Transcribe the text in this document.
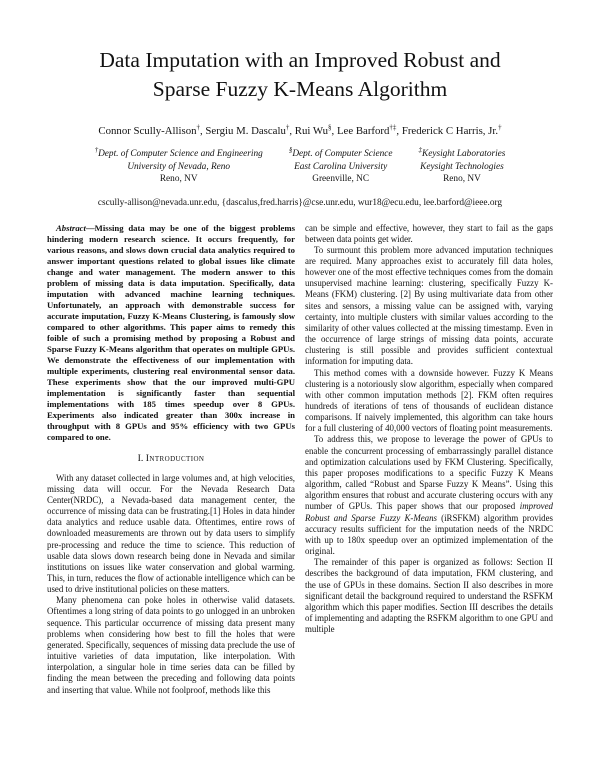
Data Imputation with an Improved Robust and
Sparse Fuzzy K-Means Algorithm
Connor Scully-Allison†, Sergiu M. Dascalu†, Rui Wu§, Lee Barford†‡, Frederick C Harris, Jr.†
†Dept. of Computer Science and Engineering
University of Nevada, Reno
Reno, NV
§Dept. of Computer Science
East Carolina University
Greenville, NC
‡Keysight Laboratories
Keysight Technologies
Reno, NV
cscully-allison@nevada.unr.edu, {dascalus,fred.harris}@cse.unr.edu, wur18@ecu.edu, lee.barford@ieee.org

Abstract—Missing data may be one of the biggest problems hindering modern research science. It occurs frequently, for various reasons, and slows down crucial data analytics required to answer important questions related to global issues like climate change and water management. The modern answer to this problem of missing data is data imputation. Specifically, data imputation with advanced machine learning techniques. Unfortunately, an approach with demonstrable success for accurate imputation, Fuzzy K-Means Clustering, is famously slow compared to other algorithms. This paper aims to remedy this foible of such a promising method by proposing a Robust and Sparse Fuzzy K-Means algorithm that operates on multiple GPUs. We demonstrate the effectiveness of our implementation with multiple experiments, clustering real environmental sensor data. These experiments show that the our improved multi-GPU implementation is significantly faster than sequential implementations with 185 times speedup over 8 GPUs. Experiments also indicated greater than 300x increase in throughput with 8 GPUs and 95% efficiency with two GPUs compared to one.

I. Introduction

With any dataset collected in large volumes and, at high velocities, missing data will occur. For the Nevada Research Data Center(NRDC), a Nevada-based data management center, the occurrence of missing data can be frustrating.[1] Holes in data hinder data analytics and reduce usable data. Oftentimes, entire rows of downloaded measurements are thrown out by data users to simplify pre-processing and reduce the time to science. This reduction of usable data slows down research being done in Nevada and similar institutions on issues like water conservation and global warming. This, in turn, reduces the flow of actionable intelligence which can be used to drive institutional policies on these matters.

Many phenomena can poke holes in otherwise valid datasets. Oftentimes a long string of data points to go unlogged in an unbroken sequence. This particular occurrence of missing data present many problems when considering how best to fill the holes that were generated. Specifically, sequences of missing data preclude the use of intuitive varieties of data imputation, like interpolation. With interpolation, a singular hole in time series data can be filled by finding the mean between the preceding and following data points and inserting that value. While not foolproof, methods like this

can be simple and effective, however, they start to fail as the gaps between data points get wider.

To surmount this problem more advanced imputation techniques are required. Many approaches exist to accurately fill data holes, however one of the most effective techniques comes from the domain unsupervised machine learning: clustering, specifically Fuzzy K-Means (FKM) clustering. [2] By using multivariate data from other sites and sensors, a missing value can be assigned with, varying certainty, into multiple clusters with similar values according to the similarity of other values collected at the missing timestamp. Even in the occurrence of large strings of missing data points, accurate clustering is still possible and provides sufficient contextual information for imputing data.

This method comes with a downside however. Fuzzy K Means clustering is a notoriously slow algorithm, especially when compared with other common imputation methods [2]. FKM often requires hundreds of iterations of tens of thousands of euclidean distance comparisons. If naively implemented, this algorithm can take hours for a full clustering of 40,000 vectors of floating point measurements.

To address this, we propose to leverage the power of GPUs to enable the concurrent processing of embarrassingly parallel distance and optimization calculations used by FKM Clustering. Specifically, this paper proposes modifications to a specific Fuzzy K Means algorithm, called “Robust and Sparse Fuzzy K Means”. Using this algorithm ensures that robust and accurate clustering occurs with any number of GPUs. This paper shows that our proposed improved Robust and Sparse Fuzzy K-Means (iRSFKM) algorithm provides accuracy results sufficient for the imputation needs of the NRDC with up to 180x speedup over an optimized implementation of the original.

The remainder of this paper is organized as follows: Section II describes the background of data imputation, FKM clustering, and the use of GPUs in these domains. Section II also describes in more significant detail the background required to understand the RSFKM algorithm which this paper modifies. Section III describes the details of implementing and adapting the RSFKM algorithm to one GPU and multiple
